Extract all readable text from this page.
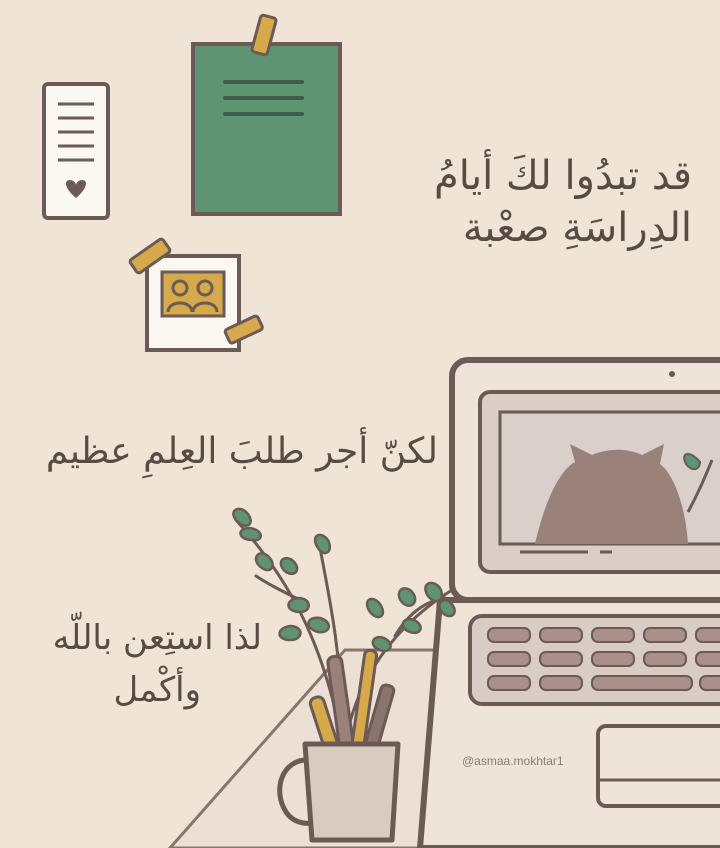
قد تبدُوا لكَ أيامُ
الدِراسَةِ صعْبة
لكنّ أجر طلبَ العِلمِ عظيم
لذا استِعن باللّه
وأكْمل
@asmaa.mokhtar1
